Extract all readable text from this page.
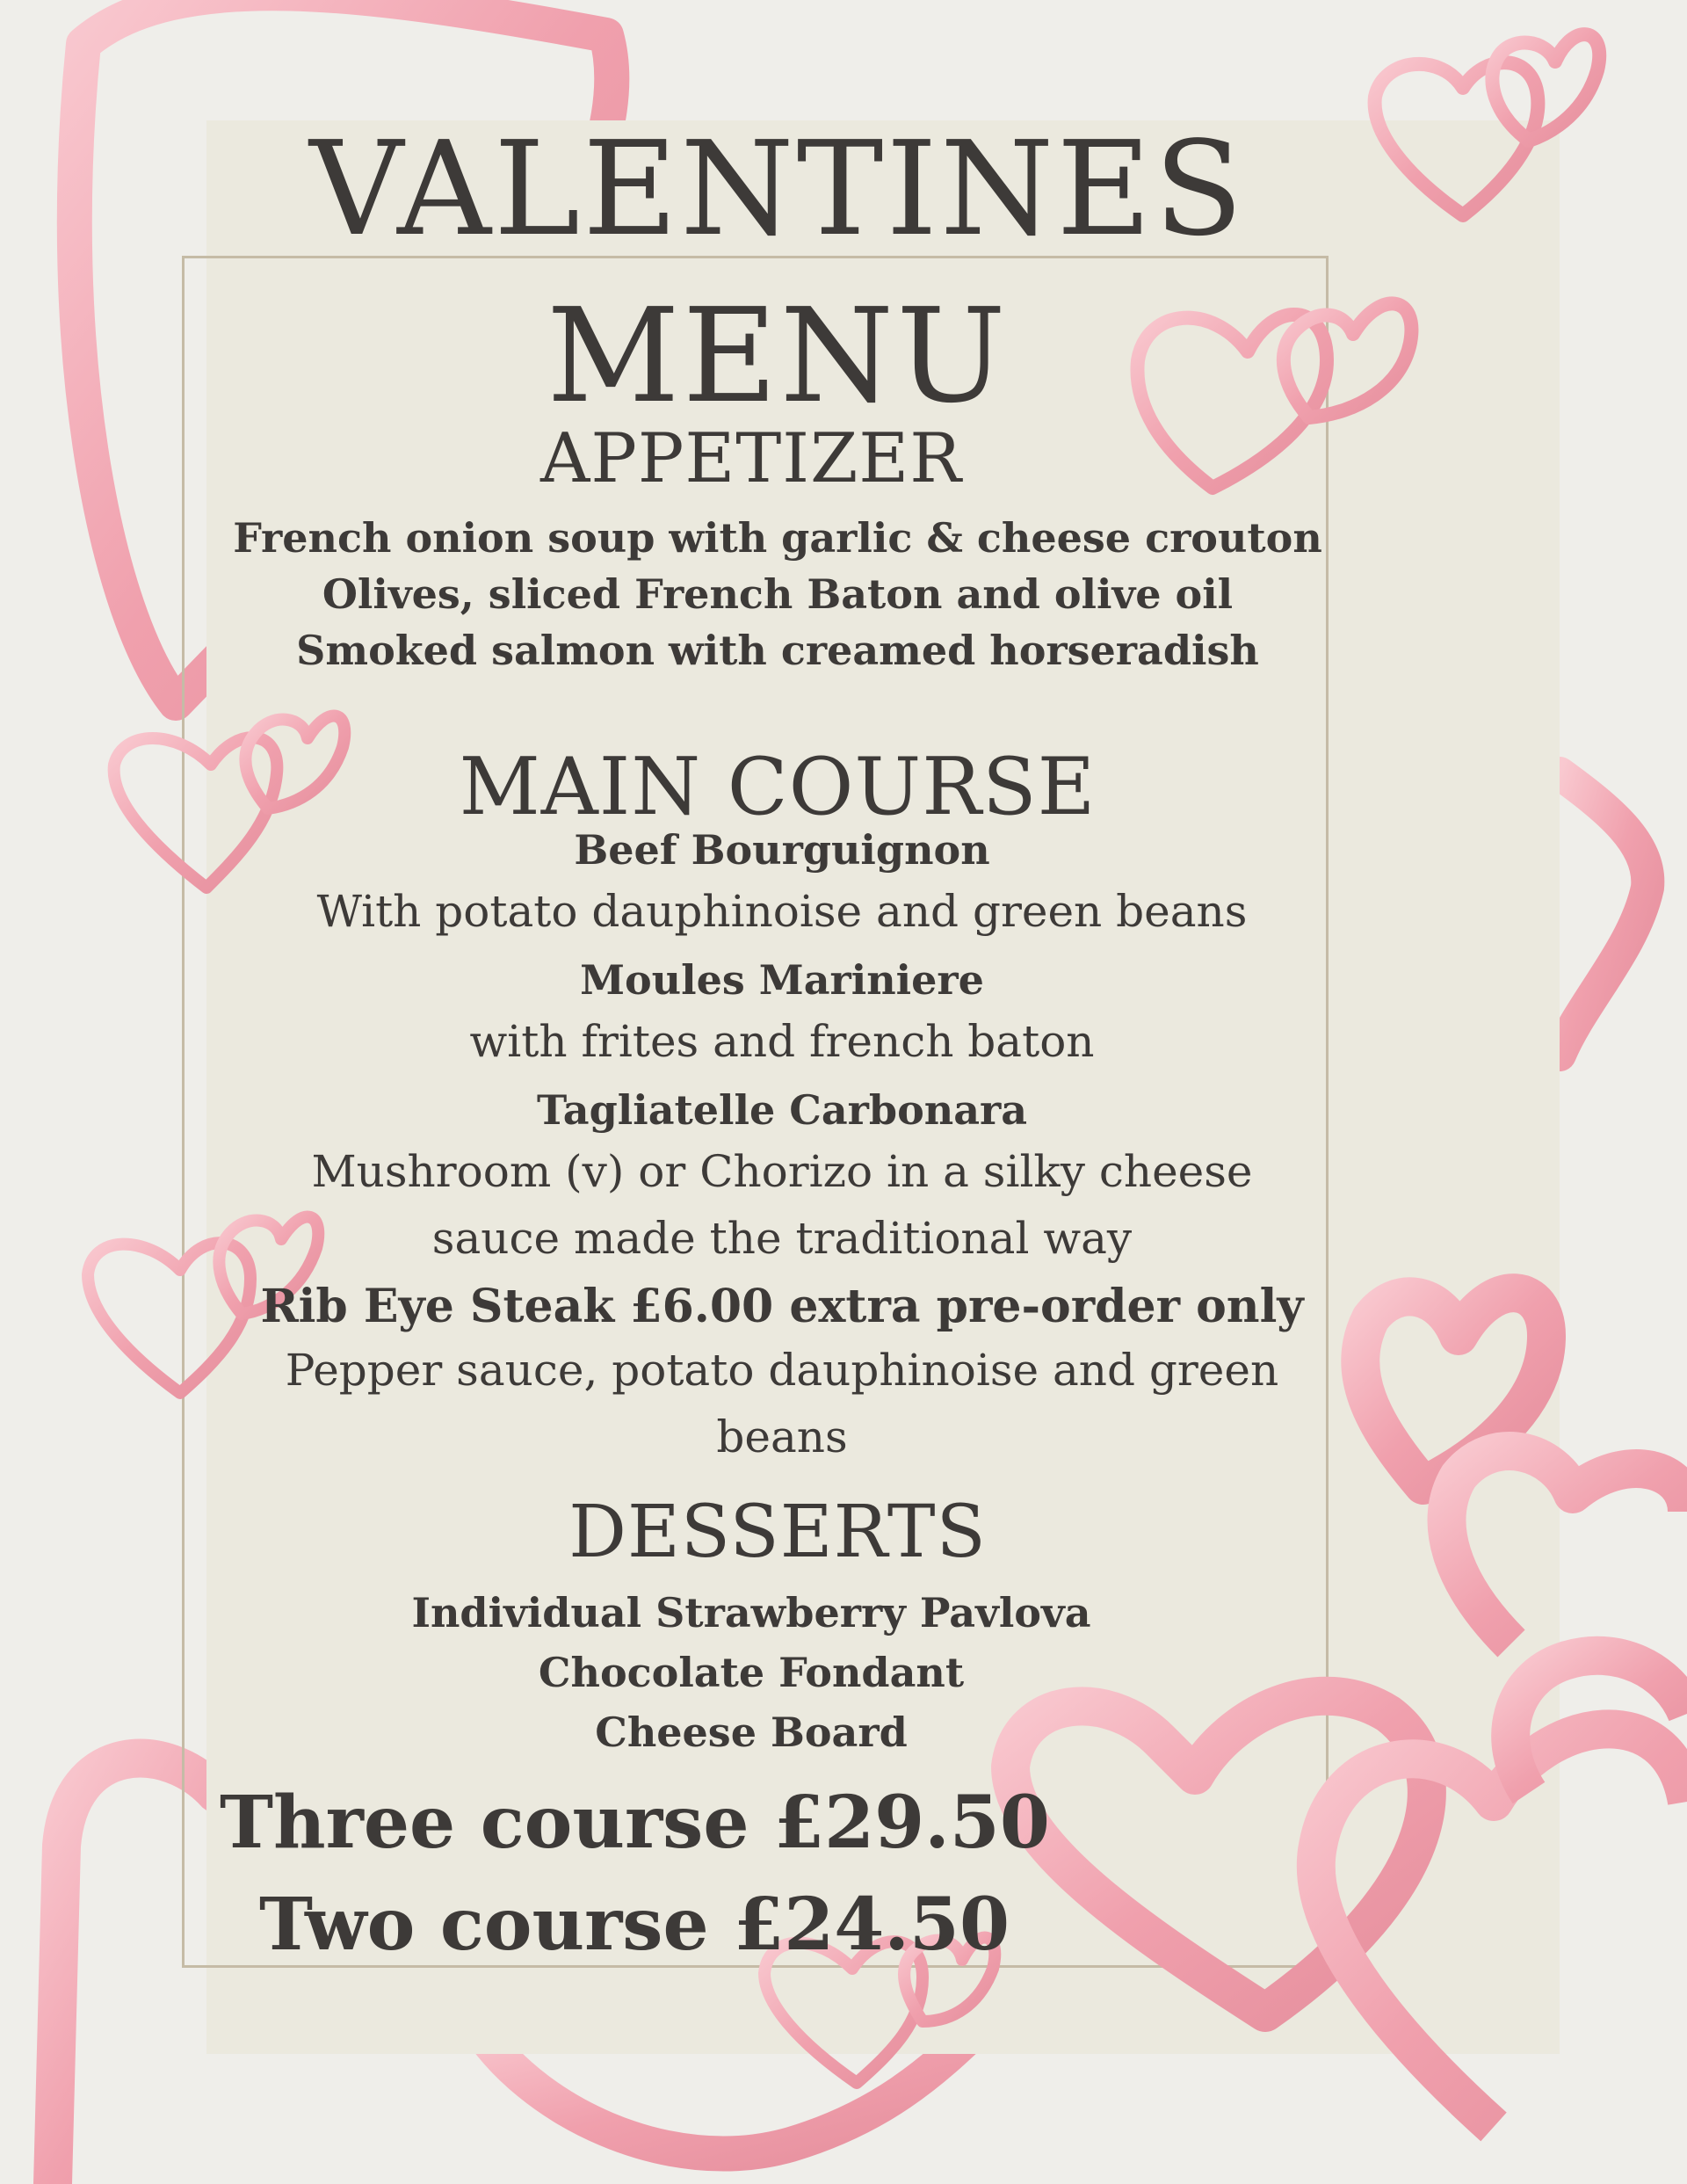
VALENTINES
MENU
APPETIZER
French onion soup with garlic & cheese crouton
Olives, sliced French Baton and olive oil
Smoked salmon with creamed horseradish
MAIN COURSE
Beef Bourguignon
With potato dauphinoise and green beans
Moules Mariniere
with frites and french baton
Tagliatelle Carbonara
Mushroom (v) or Chorizo in a silky cheese
sauce made the traditional way
Rib Eye Steak £6.00 extra pre-order only
Pepper sauce, potato dauphinoise and green
beans
DESSERTS
Individual Strawberry Pavlova
Chocolate Fondant
Cheese Board
Three course £29.50
Two course £24.50
